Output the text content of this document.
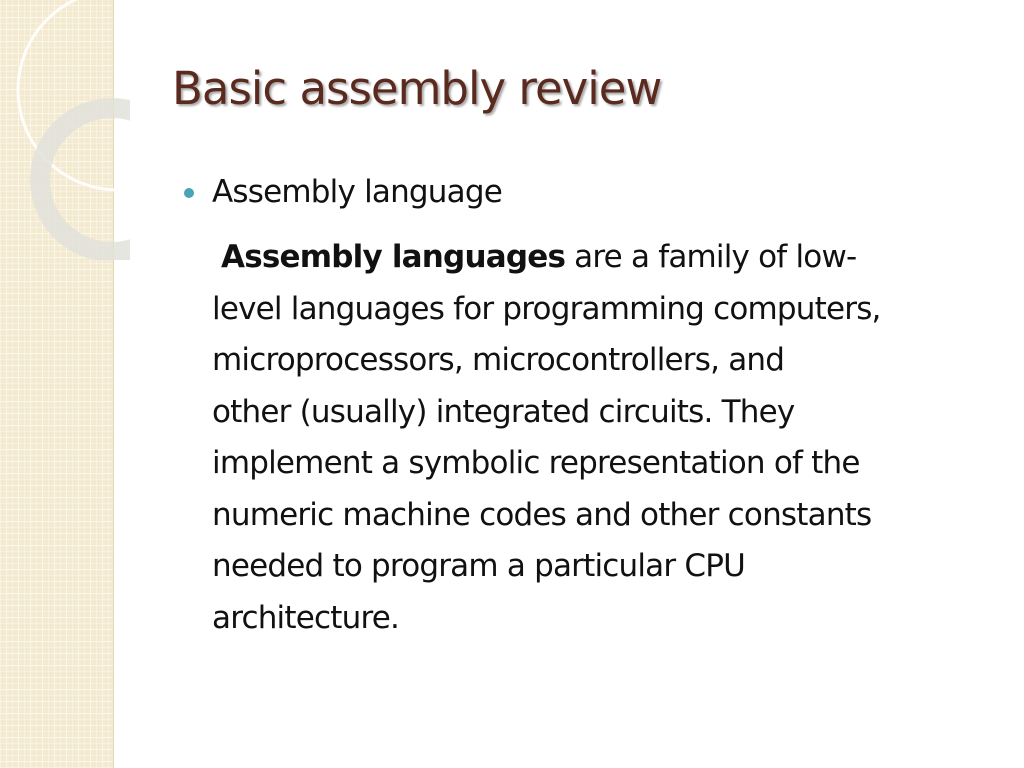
Basic assembly review
Assembly language
Assembly languages are a family of low-
level languages for programming computers,
microprocessors, microcontrollers, and
other (usually) integrated circuits. They
implement a symbolic representation of the
numeric machine codes and other constants
needed to program a particular CPU
architecture.
